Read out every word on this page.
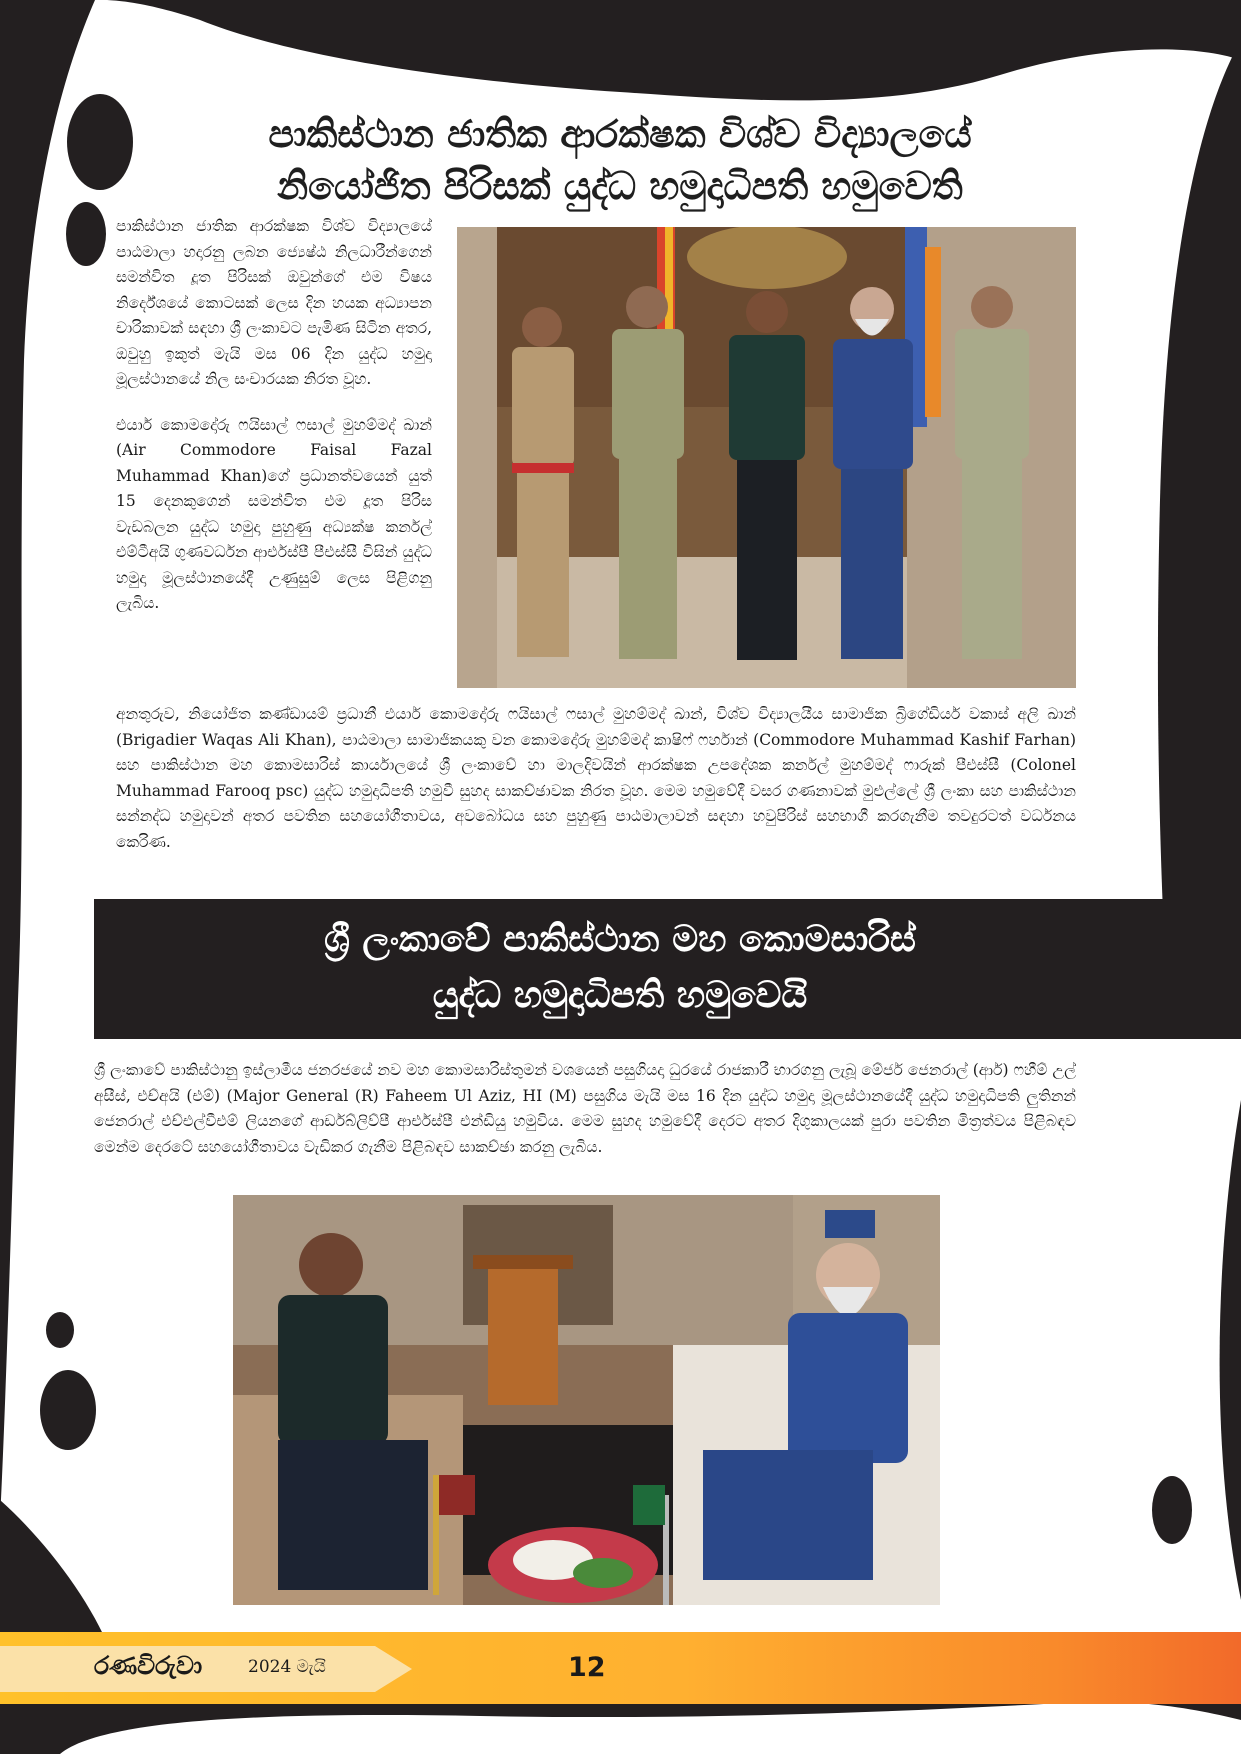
පාකිස්ථාන ජාතික ආරක්ෂක විශ්ව විද්‍යාලයේ
නියෝජිත පිරිසක් යුද්ධ හමුදාධිපති හමුවෙති

පාකිස්ථාන ජාතික ආරක්ෂක විශ්ව විද්‍යාලයේ පාඨමාලා හදාරනු ලබන ජ්‍යෙෂ්ඨ නිලධාරීන්ගෙන් සමන්විත දූත පිරිසක් ඔවුන්ගේ එම විෂය නිර්දේශයේ කොටසක් ලෙස දින හයක අධ්‍යාපන චාරිකාවක් සඳහා ශ්‍රී ලංකාවට පැමිණ සිටින අතර, ඔවුහු ඉකුත් මැයි මස 06 දින යුද්ධ හමුදා මූලස්ථානයේ නිල සංචාරයක නිරත වූහ.

එයාර් කොමදෝරු ෆයිසාල් ෆසාල් මුහම්මද් ඛාන් (Air Commodore Faisal Fazal Muhammad Khan)ගේ ප්‍රධානත්වයෙන් යුත් 15 දෙනකුගෙන් සමන්විත එම දූත පිරිස වැඩබලන යුද්ධ හමුදා පුහුණු අධ්‍යක්ෂ කර්නල් එම්ටීඅයි ගුණවර්ධන ආර්එස්පී පීඑස්සී විසින් යුද්ධ හමුදා මූලස්ථානයේදී උණුසුම් ලෙස පිළිගනු ලැබිය.

අනතුරුව, නියෝජිත කණ්ඩායම් ප්‍රධානී එයාර් කොමදෝරු ෆයිසාල් ෆසාල් මුහම්මද් ඛාන්, විශ්ව විද්‍යාලයීය සාමාජික බ්‍රිගේඩියර් වකාස් අලි ඛාන් (Brigadier Waqas Ali Khan), පාඨමාලා සාමාජිකයකු වන කොමදෝරු මුහම්මද් කාෂිෆ් ෆර්හාන් (Commodore Muhammad Kashif Farhan) සහ පාකිස්ථාන මහ කොමසාරිස් කාර්යාලයේ ශ්‍රී ලංකාවේ හා මාලදිවයින් ආරක්ෂක උපදේශක කර්නල් මුහම්මද් ෆාරුක් පීඑස්සී (Colonel Muhammad Farooq psc) යුද්ධ හමුදාධිපති හමුවී සුහද සාකච්ඡාවක නිරත වූහ. මෙම හමුවේදී වසර ගණනාවක් මුළුල්ලේ ශ්‍රී ලංකා සහ පාකිස්ථාන සන්නද්ධ හමුදාවන් අතර පවතින සහයෝගීතාවය, අවබෝධය සහ පුහුණු පාඨමාලාවන් සඳහා හවුපිරිස් සහභාගී කරගැනීම තවදුරටත් වර්ධනය කෙරිණ.

ශ්‍රී ලංකාවේ පාකිස්ථාන මහ කොමසාරිස්
යුද්ධ හමුදාධිපති හමුවෙයි

ශ්‍රී ලංකාවේ පාකිස්ථානු ඉස්ලාමීය ජනරජයේ නව මහ කොමසාරිස්තුමන් වශයෙන් පසුගියදා ධුරයේ රාජකාරී භාරගනු ලැබූ මේජර් ජෙනරාල් (ආර්) ෆහීම් උල් අසීස්, එච්අයි (එම්) (Major General (R) Faheem Ul Aziz, HI (M) පසුගිය මැයි මස 16 දින යුද්ධ හමුදා මූලස්ථානයේදී යුද්ධ හමුදාධිපති ලුතිනන් ජෙනරාල් එච්එල්වීඑම් ලියනගේ ආර්ඩබ්ලිව්පී ආර්එස්පී එන්ඩියු හමුවිය. මෙම සුහද හමුවේදී දෙරට අතර දිගුකාලයක් පුරා පවතින මිත්‍රත්වය පිළිබඳව මෙන්ම දෙරටේ සහයෝගීතාවය වැඩිකර ගැනීම පිළිබඳව සාකච්ඡා කරනු ලැබිය.

රණවිරුවා	2024 මැයි	12
